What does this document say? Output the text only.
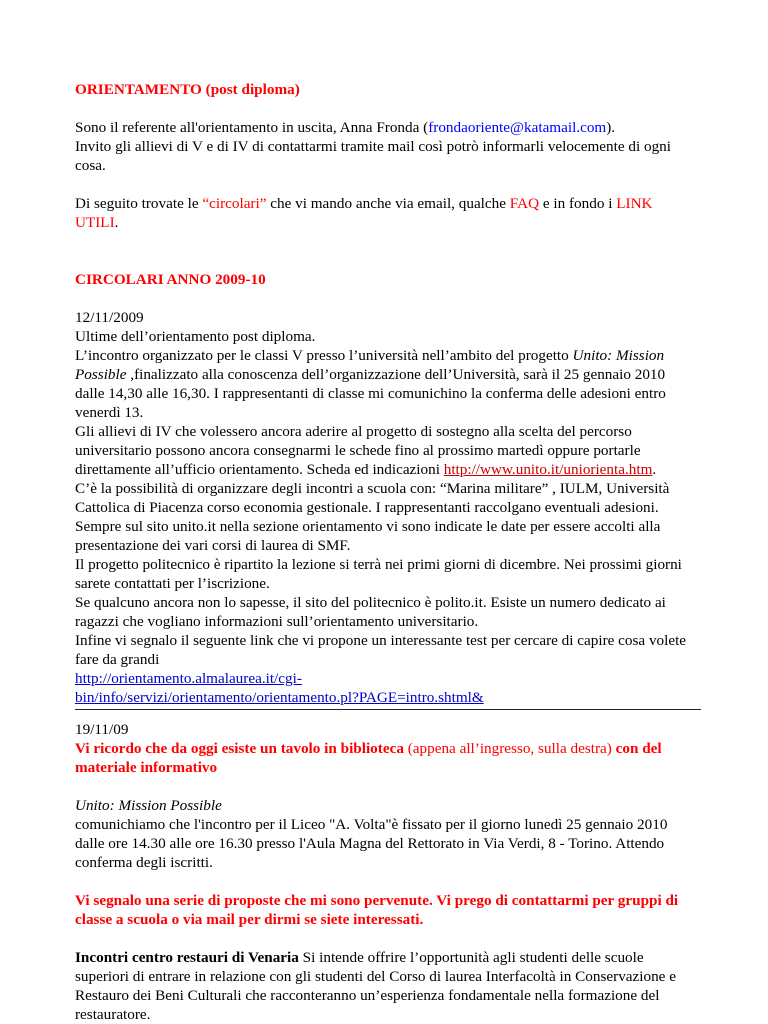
ORIENTAMENTO (post diploma)

Sono il referente all'orientamento in uscita, Anna Fronda (frondaoriente@katamail.com).
Invito gli allievi di V e di IV di contattarmi tramite mail così potrò informarli velocemente di ogni cosa.

Di seguito trovate le “circolari” che vi mando anche via email, qualche FAQ e in fondo i LINK UTILI.

CIRCOLARI ANNO 2009-10

12/11/2009

Ultime dell’orientamento post diploma.

L’incontro organizzato per le classi V presso l’università nell’ambito del progetto Unito: Mission Possible ,finalizzato alla conoscenza dell’organizzazione dell’Università, sarà il 25 gennaio 2010 dalle 14,30 alle 16,30. I rappresentanti di classe mi comunichino la conferma delle adesioni entro venerdì 13.

Gli allievi di IV che volessero ancora aderire al progetto di sostegno alla scelta del percorso universitario possono ancora consegnarmi le schede fino al prossimo martedì oppure portarle direttamente all’ufficio orientamento. Scheda ed indicazioni http://www.unito.it/uniorienta.htm.

C’è la possibilità di organizzare degli incontri a scuola con: “Marina militare” , IULM, Università Cattolica di Piacenza corso economia gestionale. I rappresentanti raccolgano eventuali adesioni.

Sempre sul sito unito.it nella sezione orientamento vi sono indicate le date per essere accolti alla presentazione dei vari corsi di laurea di SMF.

Il progetto politecnico è ripartito la lezione si terrà nei primi giorni di dicembre. Nei prossimi giorni sarete contattati per l’iscrizione.

Se qualcuno ancora non lo sapesse, il sito del politecnico è polito.it. Esiste un numero dedicato ai ragazzi che vogliano informazioni sull’orientamento universitario.

Infine vi segnalo il seguente link che vi propone un interessante test per cercare di capire cosa volete fare da grandi

http://orientamento.almalaurea.it/cgi-
bin/info/servizi/orientamento/orientamento.pl?PAGE=intro.shtml&

19/11/09

Vi ricordo che da oggi esiste un tavolo in biblioteca (appena all’ingresso, sulla destra) con del materiale informativo

Unito: Mission Possible

comunichiamo che l'incontro per il Liceo "A. Volta"è fissato per il giorno lunedì 25 gennaio 2010 dalle ore 14.30 alle ore 16.30 presso l'Aula Magna del Rettorato in Via Verdi, 8 - Torino. Attendo conferma degli iscritti.

Vi segnalo una serie di proposte che mi sono pervenute. Vi prego di contattarmi per gruppi di classe a scuola o via mail per dirmi se siete interessati.

Incontri centro restauri di Venaria Si intende offrire l’opportunità agli studenti delle scuole superiori di entrare in relazione con gli studenti del Corso di laurea Interfacoltà in Conservazione e Restauro dei Beni Culturali che racconteranno un’esperienza fondamentale nella formazione del restauratore.
